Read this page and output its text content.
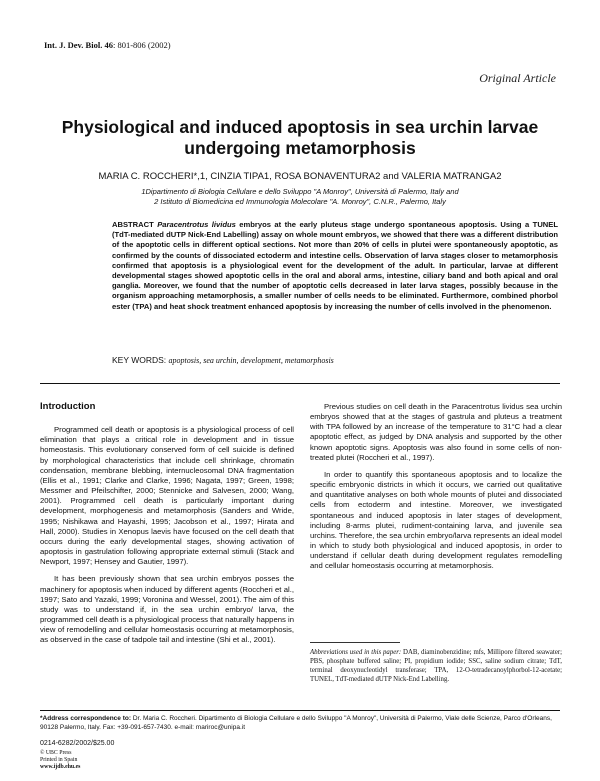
Int. J. Dev. Biol. 46: 801-806 (2002)
Original Article
Physiological and induced apoptosis in sea urchin larvae
undergoing metamorphosis
MARIA C. ROCCHERI*,1, CINZIA TIPA1, ROSA BONAVENTURA2 and VALERIA MATRANGA2
1Dipartimento di Biologia Cellulare e dello Sviluppo "A Monroy", Università di Palermo, Italy and
2 Istituto di Biomedicina ed Immunologia Molecolare "A. Monroy", C.N.R., Palermo, Italy
ABSTRACT Paracentrotus lividus embryos at the early pluteus stage undergo spontaneous apoptosis. Using a TUNEL (TdT-mediated dUTP Nick-End Labelling) assay on whole mount embryos, we showed that there was a different distribution of the apoptotic cells in different optical sections. Not more than 20% of cells in plutei were spontaneously apoptotic, as confirmed by the counts of dissociated ectoderm and intestine cells. Observation of larva stages closer to metamorphosis confirmed that apoptosis is a physiological event for the development of the adult. In particular, larvae at different developmental stages showed apoptotic cells in the oral and aboral arms, intestine, ciliary band and both apical and oral ganglia. Moreover, we found that the number of apoptotic cells decreased in later larva stages, possibly because in the organism approaching metamorphosis, a smaller number of cells needs to be eliminated. Furthermore, combined phorbol ester (TPA) and heat shock treatment enhanced apoptosis by increasing the number of cells involved in the phenomenon.
KEY WORDS: apoptosis, sea urchin, development, metamorphosis
Introduction

Programmed cell death or apoptosis is a physiological process of cell elimination that plays a critical role in development and in tissue homeostasis. This evolutionary conserved form of cell suicide is defined by morphological characteristics that include cell shrinkage, chromatin condensation, membrane blebbing, internucleosomal DNA fragmentation (Ellis et al., 1991; Clarke and Clarke, 1996; Nagata, 1997; Green, 1998; Messmer and Pfeilschifter, 2000; Stennicke and Salvesen, 2000; Wang, 2001). Programmed cell death is particularly important during development, morphogenesis and metamorphosis (Sanders and Wride, 1995; Nishikawa and Hayashi, 1995; Jacobson et al., 1997; Hirata and Hall, 2000). Studies in Xenopus laevis have focused on the cell death that occurs during the early developmental stages, showing activation of apoptosis in gastrulation following appropriate external stimuli (Stack and Newport, 1997; Hensey and Gautier, 1997).

It has been previously shown that sea urchin embryos posses the machinery for apoptosis when induced by different agents (Roccheri et al., 1997; Sato and Yazaki, 1999; Voronina and Wessel, 2001). The aim of this study was to understand if, in the sea urchin embryo/ larva, the programmed cell death is a physiological process that naturally happens in view of remodelling and cellular homeostasis occurring at metamorphosis, as observed in the case of tadpole tail and intestine (Shi et al., 2001).

Previous studies on cell death in the Paracentrotus lividus sea urchin embryos showed that at the stages of gastrula and pluteus a treatment with TPA followed by an increase of the temperature to 31°C had a clear apoptotic effect, as judged by DNA analysis and supported by the other known apoptotic signs. Apoptosis was also found in some cells of non-treated plutei (Roccheri et al., 1997).

In order to quantify this spontaneous apoptosis and to localize the specific embryonic districts in which it occurs, we carried out qualitative and quantitative analyses on both whole mounts of plutei and dissociated cells from ectoderm and intestine. Moreover, we investigated spontaneous and induced apoptosis in later stages of development, including 8-arms plutei, rudiment-containing larva, and juvenile sea urchins. Therefore, the sea urchin embryo/larva represents an ideal model in which to study both physiological and induced apoptosis, in order to understand if cellular death during development regulates remodelling and cellular homeostasis occurring at metamorphosis.

Abbreviations used in this paper: DAB, diaminobenzidine; mfs, Millipore filtered seawater; PBS, phosphate buffered saline; PI, propidium iodide; SSC, saline sodium citrate; TdT, terminal deoxynucleotidyl transferase; TPA, 12-O-tetradecanoylphorbol-12-acetate; TUNEL, TdT-mediated dUTP Nick-End Labelling.
*Address correspondence to: Dr. Maria C. Roccheri. Dipartimento di Biologia Cellulare e dello Sviluppo "A Monroy", Università di Palermo, Viale delle Scienze, Parco d'Orleans, 90128 Palermo, Italy. Fax: +39-091-657-7430. e-mail: mariroc@unipa.it
0214-6282/2002/$25.00
© UBC Press
Printed in Spain
www.ijdb.ehu.es
